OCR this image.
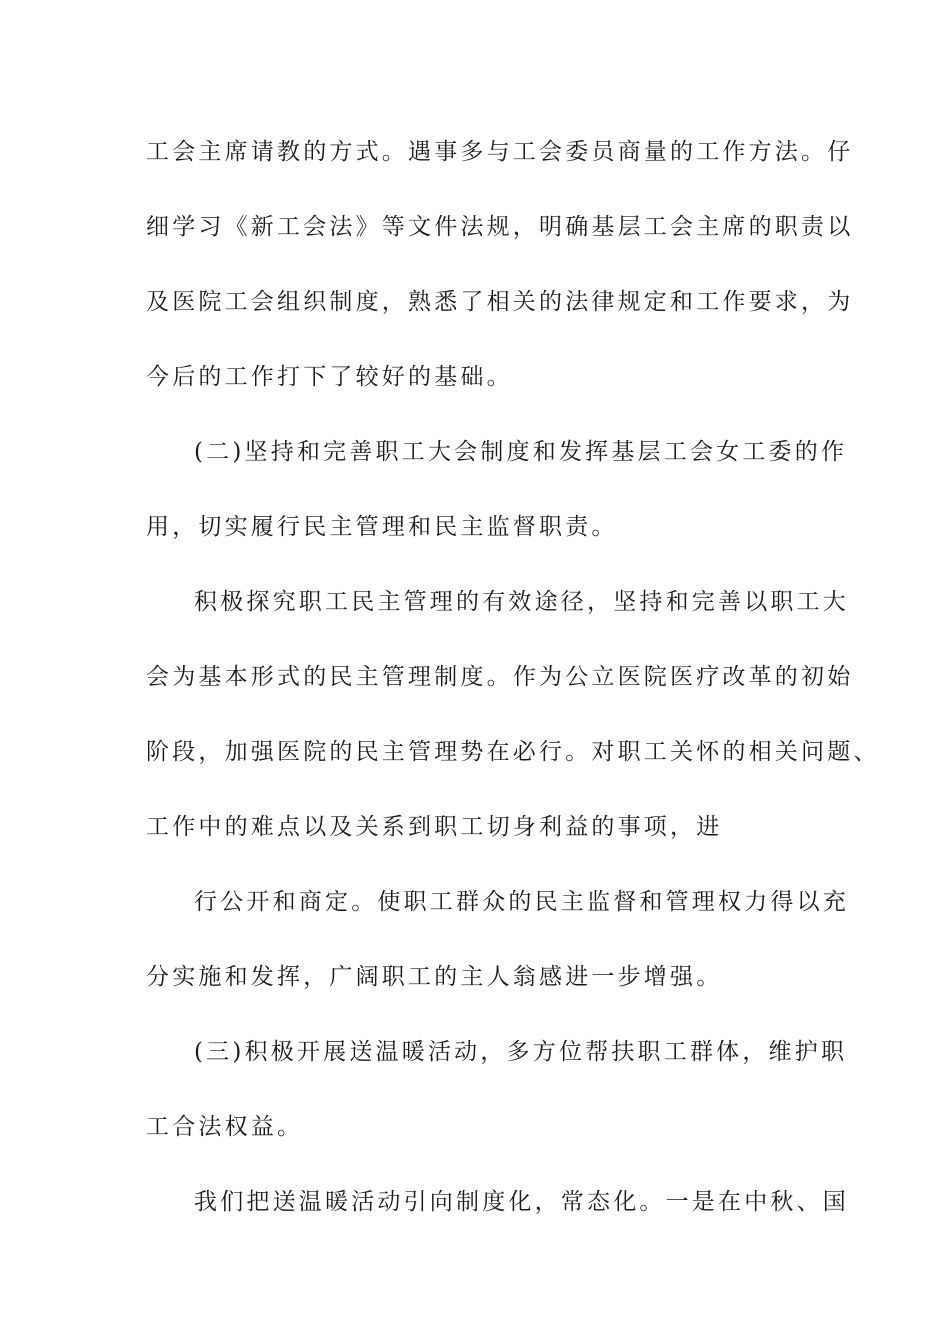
工会主席请教的方式。遇事多与工会委员商量的工作方法。仔
细学习《新工会法》等文件法规，明确基层工会主席的职责以
及医院工会组织制度，熟悉了相关的法律规定和工作要求，为
今后的工作打下了较好的基础。
(二)坚持和完善职工大会制度和发挥基层工会女工委的作
用，切实履行民主管理和民主监督职责。
积极探究职工民主管理的有效途径，坚持和完善以职工大
会为基本形式的民主管理制度。作为公立医院医疗改革的初始
阶段，加强医院的民主管理势在必行。对职工关怀的相关问题、
工作中的难点以及关系到职工切身利益的事项，进
行公开和商定。使职工群众的民主监督和管理权力得以充
分实施和发挥，广阔职工的主人翁感进一步增强。
(三)积极开展送温暖活动，多方位帮扶职工群体，维护职
工合法权益。
我们把送温暖活动引向制度化，常态化。一是在中秋、国
